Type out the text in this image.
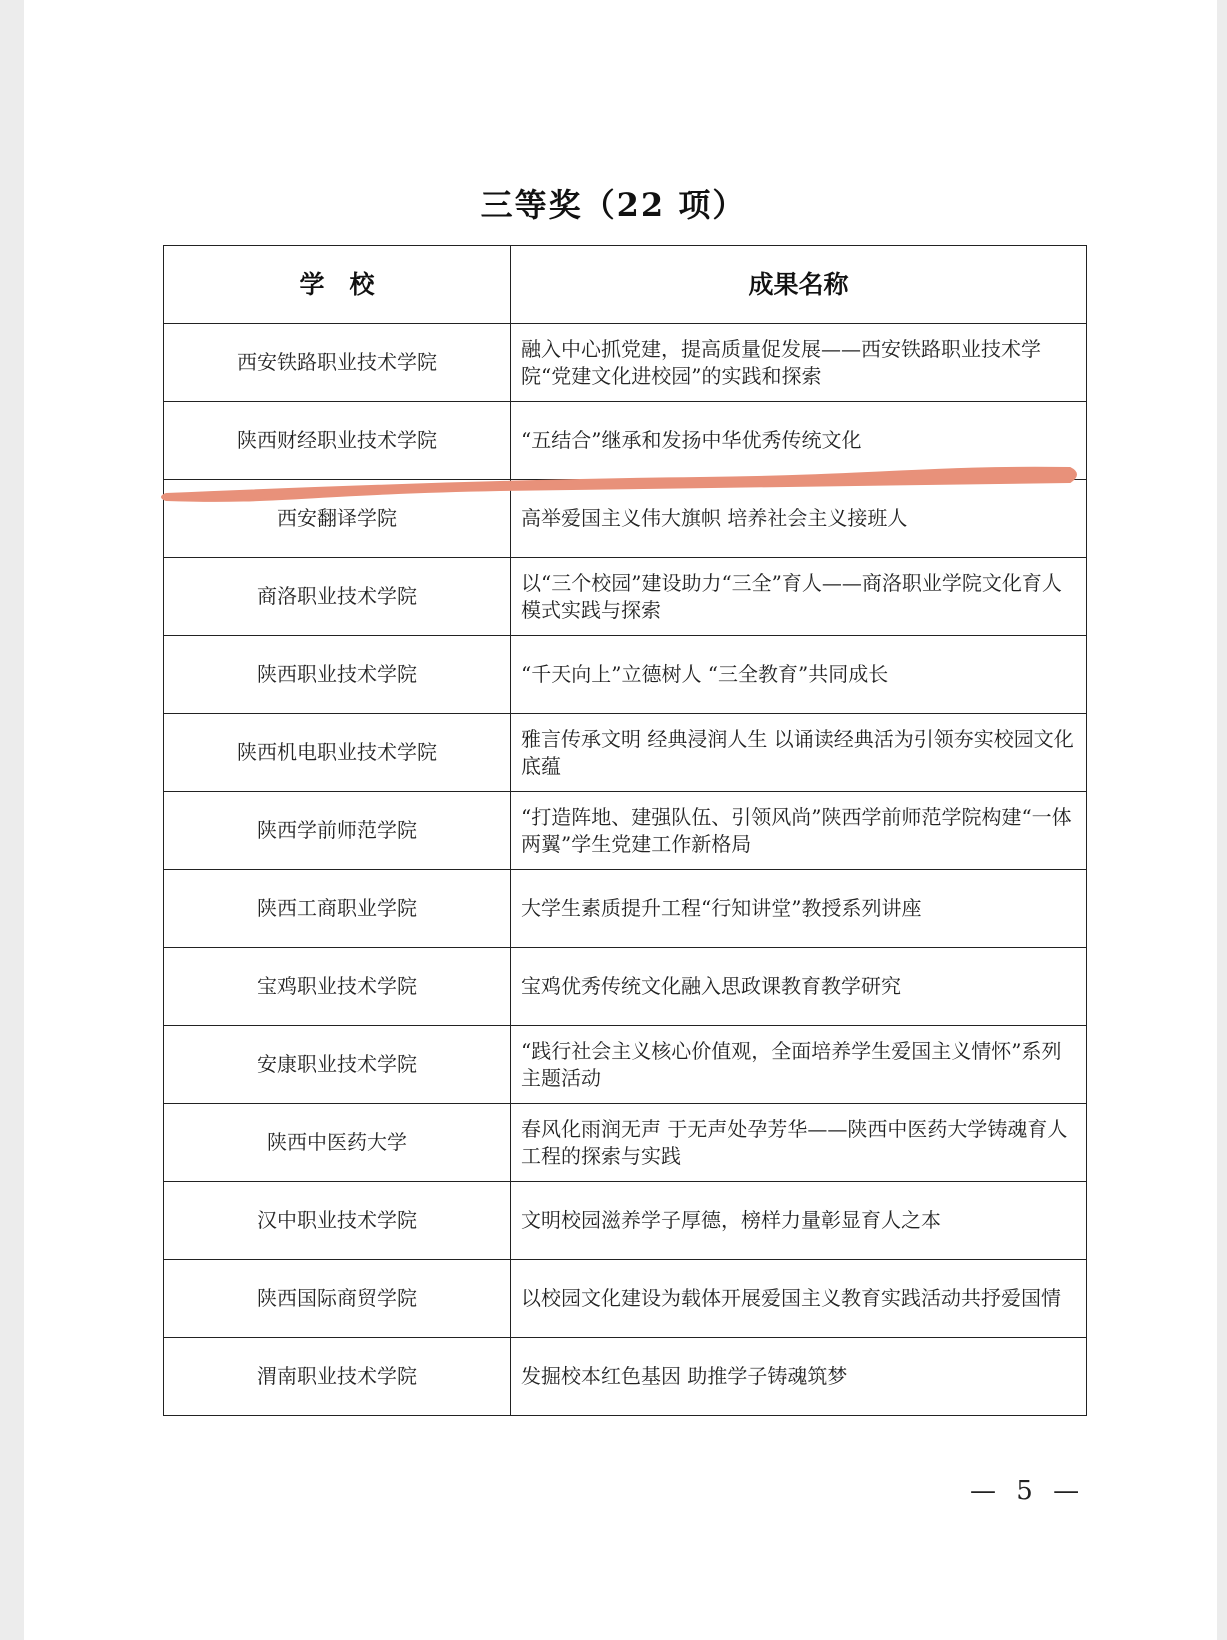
三等奖（22 项）
学　校	成果名称
西安铁路职业技术学院	融入中心抓党建，提高质量促发展——西安铁路职业技术学院“党建文化进校园”的实践和探索
陕西财经职业技术学院	“五结合”继承和发扬中华优秀传统文化
西安翻译学院	高举爱国主义伟大旗帜 培养社会主义接班人
商洛职业技术学院	以“三个校园”建设助力“三全”育人——商洛职业学院文化育人模式实践与探索
陕西职业技术学院	“千天向上”立德树人 “三全教育”共同成长
陕西机电职业技术学院	雅言传承文明 经典浸润人生 以诵读经典活为引领夯实校园文化底蕴
陕西学前师范学院	“打造阵地、建强队伍、引领风尚”陕西学前师范学院构建“一体两翼”学生党建工作新格局
陕西工商职业学院	大学生素质提升工程“行知讲堂”教授系列讲座
宝鸡职业技术学院	宝鸡优秀传统文化融入思政课教育教学研究
安康职业技术学院	“践行社会主义核心价值观，全面培养学生爱国主义情怀”系列主题活动
陕西中医药大学	春风化雨润无声 于无声处孕芳华——陕西中医药大学铸魂育人工程的探索与实践
汉中职业技术学院	文明校园滋养学子厚德，榜样力量彰显育人之本
陕西国际商贸学院	以校园文化建设为载体开展爱国主义教育实践活动共抒爱国情
渭南职业技术学院	发掘校本红色基因 助推学子铸魂筑梦
— 5 —
